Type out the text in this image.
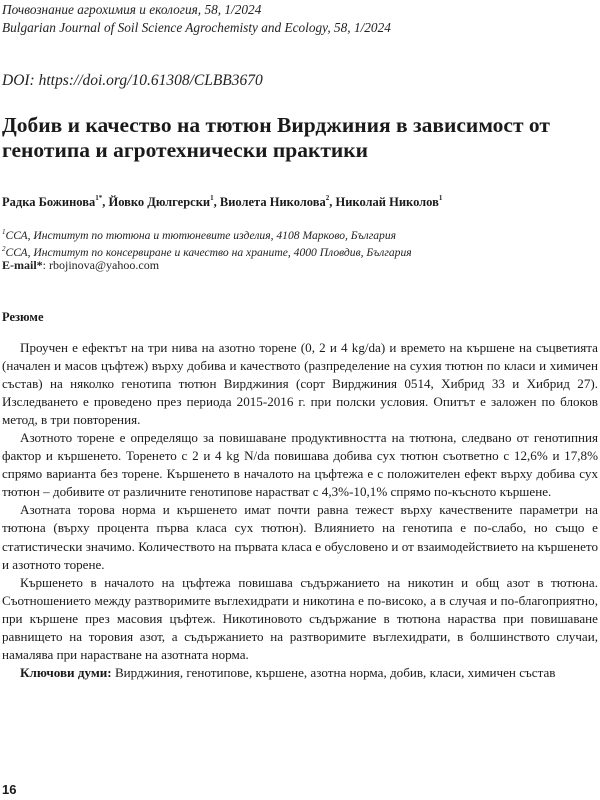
Почвознание агрохимия и екология, 58, 1/2024
Bulgarian Journal of Soil Science Agrochemisty and Ecology, 58, 1/2024
DOI: https://doi.org/10.61308/CLBB3670
Добив и качество на тютюн Вирджиния в зависимост от генотипа и агротехнически практики
Радка Божинова$^{1*}$, Йовко Дюлгерски$^1$, Виолета Николова$^2$, Николай Николов$^1$
$^1$ССА, Институт по тютюна и тютюневите изделия, 4108 Марково, България
$^2$ССА, Институт по консервиране и качество на храните, 4000 Пловдив, България
E-mail*: rbojinova@yahoo.com
Резюме

Проучен е ефектът на три нива на азотно торене (0, 2 и 4 kg/da) и времето на кършене на съцветията (начален и масов цъфтеж) върху добива и качеството (разпределение на сухия тютюн по класи и химичен състав) на няколко генотипа тютюн Вирджиния (сорт Вирджиния 0514, Хибрид 33 и Хибрид 27). Изследването е проведено през периода 2015-2016 г. при полски условия. Опитът е заложен по блоков метод, в три повторения.

Азотното торене е определящо за повишаване продуктивността на тютюна, следвано от генотипния фактор и кършенето. Торенето с 2 и 4 kg N/da повишава добива сух тютюн съответно с 12,6% и 17,8% спрямо варианта без торене. Кършенето в началото на цъфтежа е с положителен ефект върху добива сух тютюн – добивите от различните генотипове нарастват с 4,3%-10,1% спрямо по-късното кършене.

Азотната торова норма и кършенето имат почти равна тежест върху качествените параметри на тютюна (върху процента първа класа сух тютюн). Влиянието на генотипа е по-слабо, но също е статистически значимо. Количеството на първата класа е обусловено и от взаимодействието на кършенето и азотното торене.

Кършенето в началото на цъфтежа повишава съдържанието на никотин и общ азот в тютюна. Съотношението между разтворимите въглехидрати и никотина е по-високо, а в случая и по-благоприятно, при кършене през масовия цъфтеж. Никотиновото съдържание в тютюна нараства при повишаване равнището на торовия азот, а съдържанието на разтворимите въглехидрати, в болшинството случаи, намалява при нарастване на азотната норма.

Ключови думи: Вирджиния, генотипове, кършене, азотна норма, добив, класи, химичен състав

16
